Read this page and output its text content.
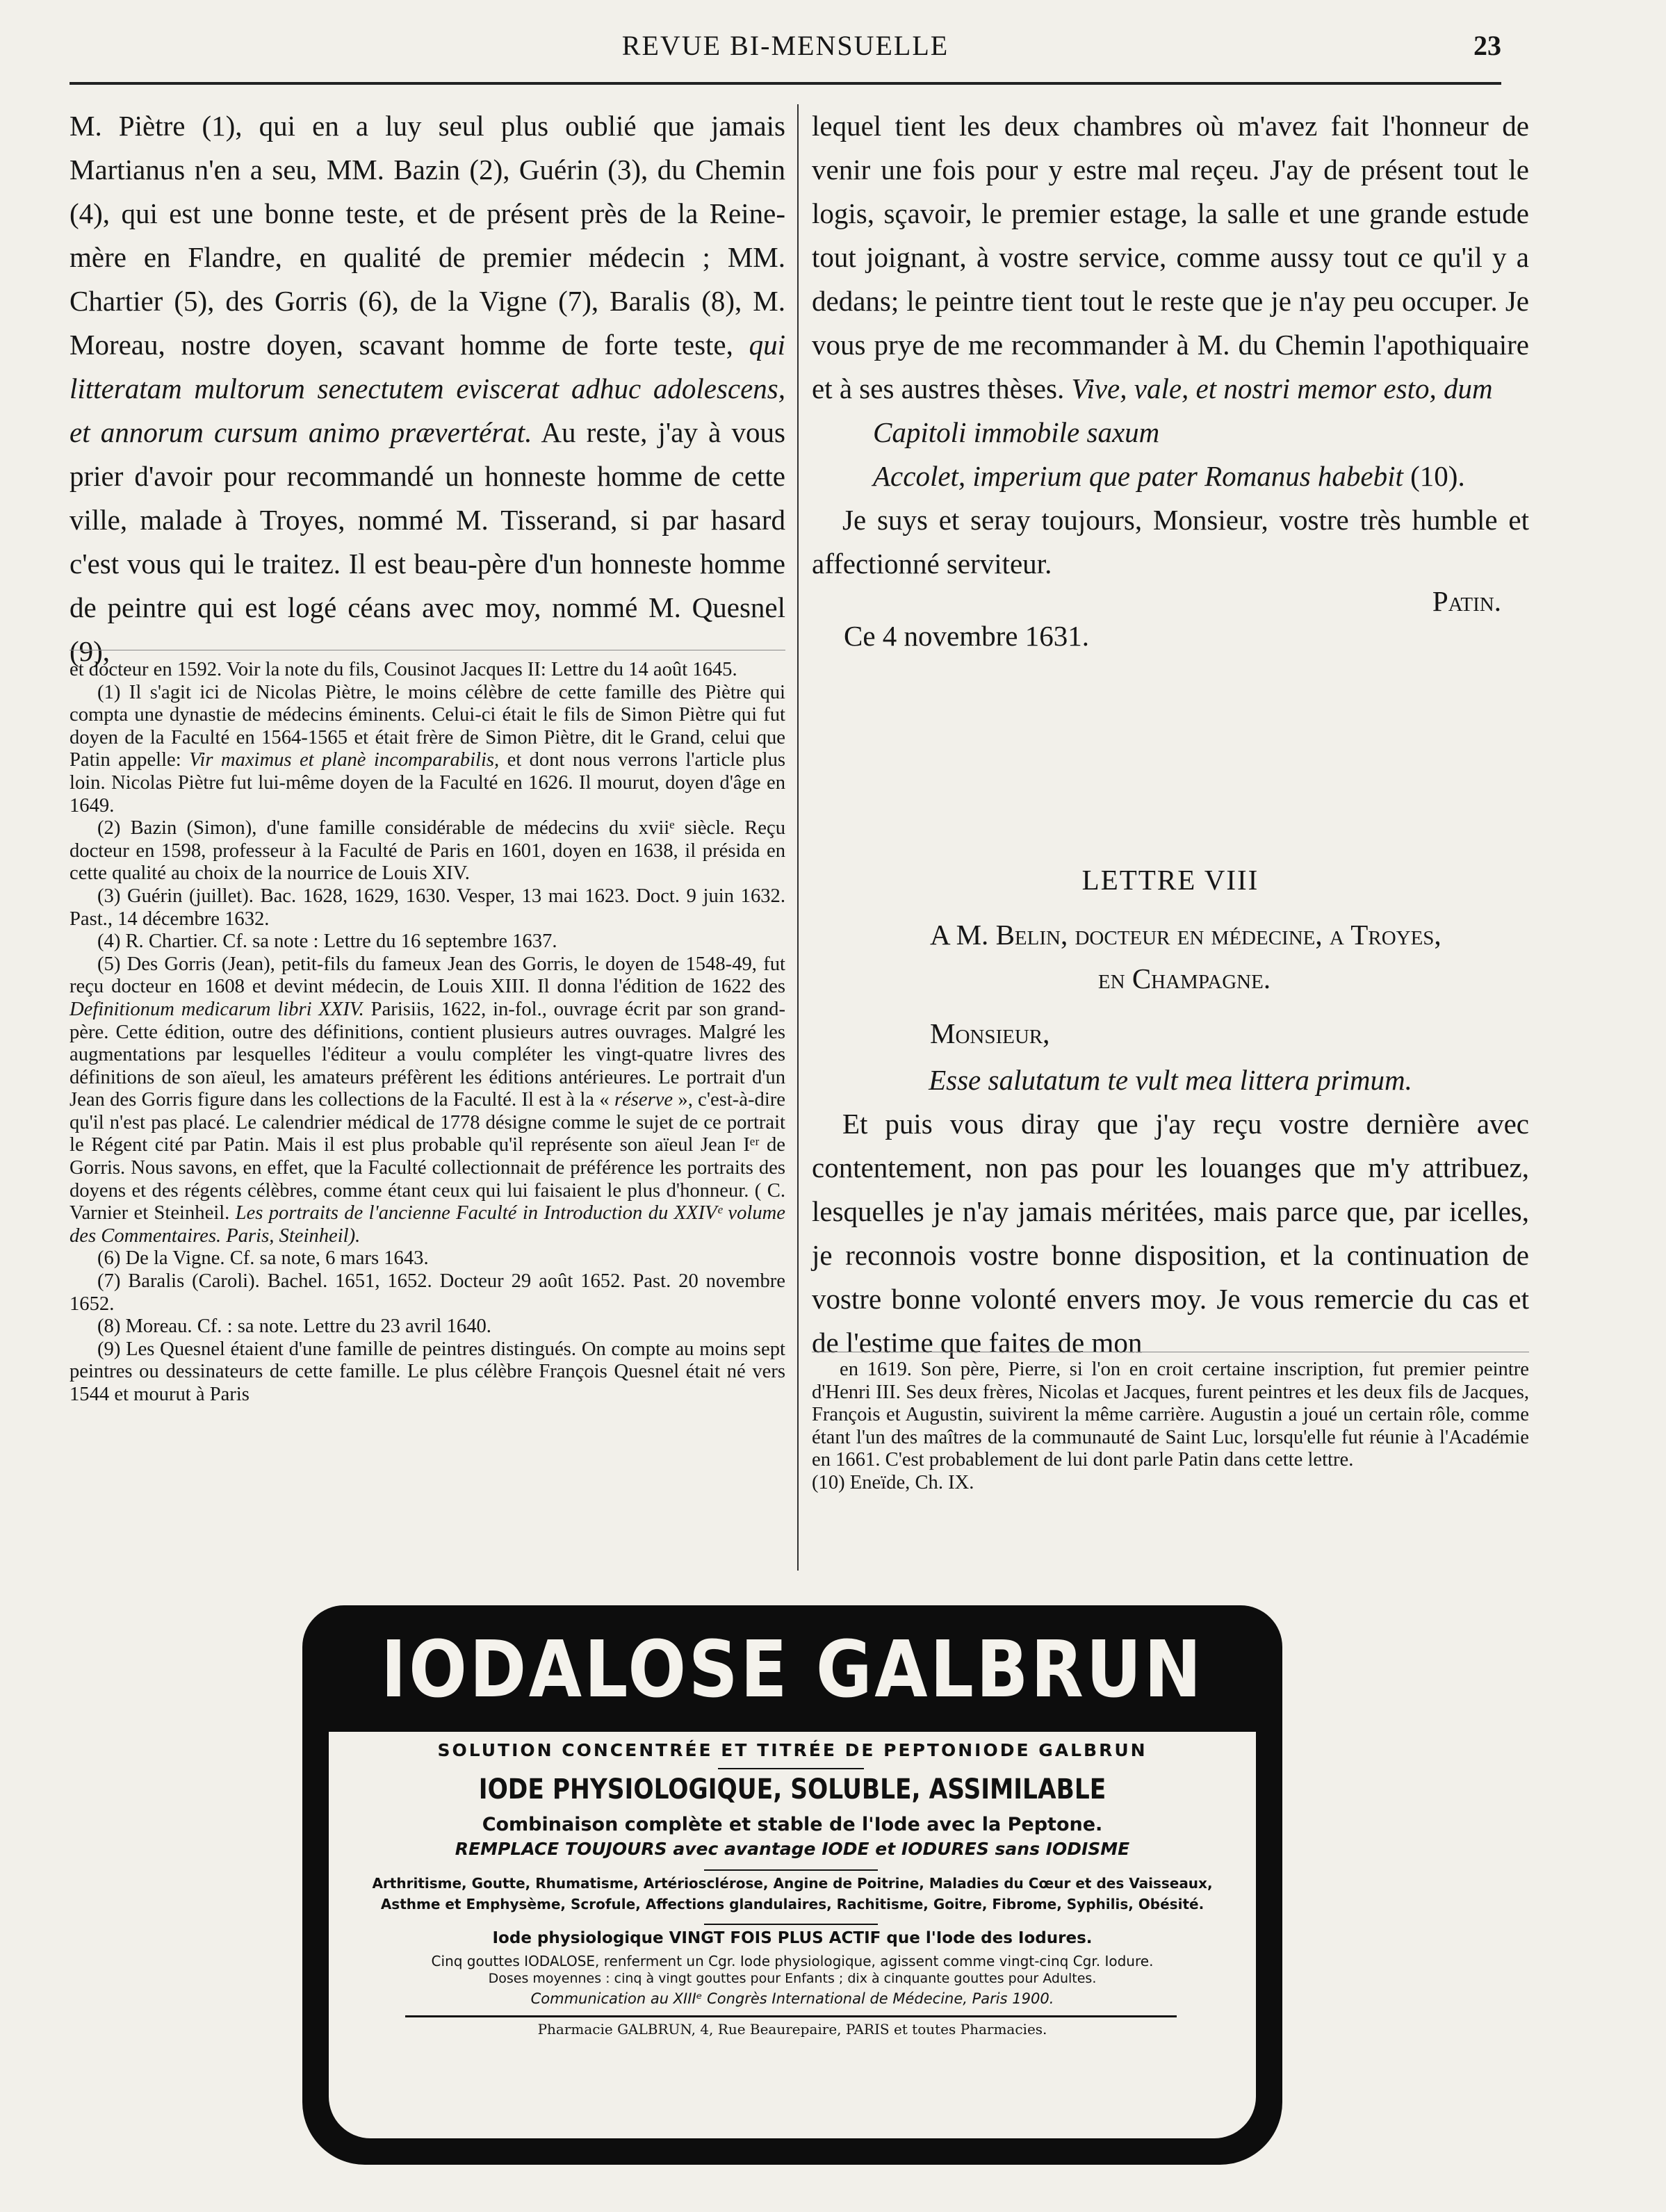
REVUE BI-MENSUELLE	23

M. Piètre (1), qui en a luy seul plus oublié que jamais Martianus n'en a seu, MM. Bazin (2), Guérin (3), du Chemin (4), qui est une bonne teste, et de présent près de la Reine-mère en Flandre, en qualité de premier médecin ; MM. Chartier (5), des Gorris (6), de la Vigne (7), Baralis (8), M. Moreau, nostre doyen, scavant homme de forte teste, qui litteratam multorum senectutem eviscerat adhuc adolescens, et annorum cursum animo prævertérat. Au reste, j'ay à vous prier d'avoir pour recommandé un honneste homme de cette ville, malade à Troyes, nommé M. Tisserand, si par hasard c'est vous qui le traitez. Il est beau-père d'un honneste homme de peintre qui est logé céans avec moy, nommé M. Quesnel (9),

et docteur en 1592. Voir la note du fils, Cousinot Jacques II: Lettre du 14 août 1645.

(1) Il s'agit ici de Nicolas Piètre, le moins célèbre de cette famille des Piètre qui compta une dynastie de médecins éminents. Celui-ci était le fils de Simon Piètre qui fut doyen de la Faculté en 1564-1565 et était frère de Simon Piètre, dit le Grand, celui que Patin appelle: Vir maximus et planè incomparabilis, et dont nous verrons l'article plus loin. Nicolas Piètre fut lui-même doyen de la Faculté en 1626. Il mourut, doyen d'âge en 1649.

(2) Bazin (Simon), d'une famille considérable de médecins du xviiᵉ siècle. Reçu docteur en 1598, professeur à la Faculté de Paris en 1601, doyen en 1638, il présida en cette qualité au choix de la nourrice de Louis XIV.

(3) Guérin (juillet). Bac. 1628, 1629, 1630. Vesper, 13 mai 1623. Doct. 9 juin 1632. Past., 14 décembre 1632.

(4) R. Chartier. Cf. sa note : Lettre du 16 septembre 1637.

(5) Des Gorris (Jean), petit-fils du fameux Jean des Gorris, le doyen de 1548-49, fut reçu docteur en 1608 et devint médecin, de Louis XIII. Il donna l'édition de 1622 des Definitionum medicarum libri XXIV. Parisiis, 1622, in-fol., ouvrage écrit par son grand-père. Cette édition, outre des définitions, contient plusieurs autres ouvrages. Malgré les augmentations par lesquelles l'éditeur a voulu compléter les vingt-quatre livres des définitions de son aïeul, les amateurs préfèrent les éditions antérieures. Le portrait d'un Jean des Gorris figure dans les collections de la Faculté. Il est à la « réserve », c'est-à-dire qu'il n'est pas placé. Le calendrier médical de 1778 désigne comme le sujet de ce portrait le Régent cité par Patin. Mais il est plus probable qu'il représente son aïeul Jean Iᵉʳ de Gorris. Nous savons, en effet, que la Faculté collectionnait de préférence les portraits des doyens et des régents célèbres, comme étant ceux qui lui faisaient le plus d'honneur. ( C. Varnier et Steinheil. Les portraits de l'ancienne Faculté in Introduction du XXIVᵉ volume des Commentaires. Paris, Steinheil).

(6) De la Vigne. Cf. sa note, 6 mars 1643.

(7) Baralis (Caroli). Bachel. 1651, 1652. Docteur 29 août 1652. Past. 20 novembre 1652.

(8) Moreau. Cf. : sa note. Lettre du 23 avril 1640.

(9) Les Quesnel étaient d'une famille de peintres distingués. On compte au moins sept peintres ou dessinateurs de cette famille. Le plus célèbre François Quesnel était né vers 1544 et mourut à Paris

lequel tient les deux chambres où m'avez fait l'honneur de venir une fois pour y estre mal reçeu. J'ay de présent tout le logis, sçavoir, le premier estage, la salle et une grande estude tout joignant, à vostre service, comme aussy tout ce qu'il y a dedans; le peintre tient tout le reste que je n'ay peu occuper. Je vous prye de me recommander à M. du Chemin l'apothiquaire et à ses austres thèses. Vive, vale, et nostri memor esto, dum

Capitoli immobile saxum
Accolet, imperium que pater Romanus habebit (10).

Je suys et seray toujours, Monsieur, vostre très humble et affectionné serviteur.

Patin.
Ce 4 novembre 1631.
LETTRE VIII
A M. Belin, docteur en médecine, a Troyes,
en Champagne.
Monsieur,
Esse salutatum te vult mea littera primum.

Et puis vous diray que j'ay reçu vostre dernière avec contentement, non pas pour les louanges que m'y attribuez, lesquelles je n'ay jamais méritées, mais parce que, par icelles, je reconnois vostre bonne disposition, et la continuation de vostre bonne volonté envers moy. Je vous remercie du cas et de l'estime que faites de mon

en 1619. Son père, Pierre, si l'on en croit certaine inscription, fut premier peintre d'Henri III. Ses deux frères, Nicolas et Jacques, furent peintres et les deux fils de Jacques, François et Augustin, suivirent la même carrière. Augustin a joué un certain rôle, comme étant l'un des maîtres de la communauté de Saint Luc, lorsqu'elle fut réunie à l'Académie en 1661. C'est probablement de lui dont parle Patin dans cette lettre.

(10) Eneïde, Ch. IX.

IODALOSE GALBRUN
SOLUTION CONCENTRÉE ET TITRÉE DE PEPTONIODE GALBRUN
IODE PHYSIOLOGIQUE, SOLUBLE, ASSIMILABLE
Combinaison complète et stable de l'Iode avec la Peptone.
REMPLACE TOUJOURS avec avantage IODE et IODURES sans IODISME
Arthritisme, Goutte, Rhumatisme, Artériosclérose, Angine de Poitrine, Maladies du Cœur et des Vaisseaux,
Asthme et Emphysème, Scrofule, Affections glandulaires, Rachitisme, Goitre, Fibrome, Syphilis, Obésité.
Iode physiologique VINGT FOIS PLUS ACTIF que l'Iode des Iodures.
Cinq gouttes IODALOSE, renferment un Cgr. Iode physiologique, agissent comme vingt-cinq Cgr. Iodure.
Doses moyennes : cinq à vingt gouttes pour Enfants ; dix à cinquante gouttes pour Adultes.
Communication au XIIIᵉ Congrès International de Médecine, Paris 1900.
Pharmacie GALBRUN, 4, Rue Beaurepaire, PARIS et toutes Pharmacies.
